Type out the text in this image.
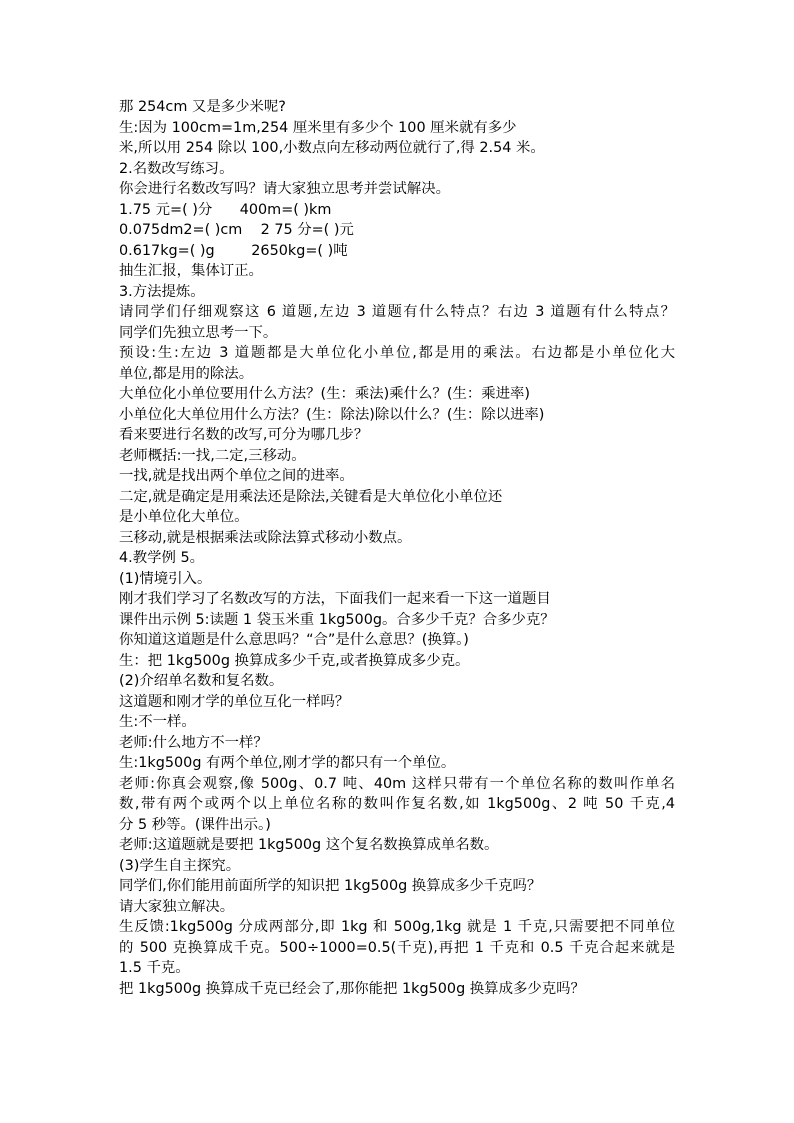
那 254cm 又是多少米呢?
生:因为 100cm=1m,254 厘米里有多少个 100 厘米就有多少
米,所以用 254 除以 100,小数点向左移动两位就行了,得 2.54 米。
2.名数改写练习。
你会进行名数改写吗？请大家独立思考并尝试解决。
1.75 元=( )分      400m=( )km
0.075dm2=( )cm    2 75 分=( )元
0.617kg=( )g        2650kg=( )吨
抽生汇报，集体订正。
3.方法提炼。
请同学们仔细观察这 6 道题,左边 3 道题有什么特点？右边 3 道题有什么特点？
同学们先独立思考一下。
预设:生:左边 3 道题都是大单位化小单位,都是用的乘法。右边都是小单位化大
单位,都是用的除法。
大单位化小单位要用什么方法？(生：乘法)乘什么？(生：乘进率)
小单位化大单位用什么方法？(生：除法)除以什么？(生：除以进率)
看来要进行名数的改写,可分为哪几步？
老师概括:一找,二定,三移动。
一找,就是找出两个单位之间的进率。
二定,就是确定是用乘法还是除法,关键看是大单位化小单位还
是小单位化大单位。
三移动,就是根据乘法或除法算式移动小数点。
4.教学例 5。
(1)情境引入。
刚才我们学习了名数改写的方法，下面我们一起来看一下这一道题目
课件出示例 5:读题 1 袋玉米重 1kg500g。合多少千克？合多少克？
你知道这道题是什么意思吗？“合”是什么意思？(换算。)
生：把 1kg500g 换算成多少千克,或者换算成多少克。
(2)介绍单名数和复名数。
这道题和刚才学的单位互化一样吗？
生:不一样。
老师:什么地方不一样？
生:1kg500g 有两个单位,刚才学的都只有一个单位。
老师:你真会观察,像 500g、0.7 吨、40m 这样只带有一个单位名称的数叫作单名
数,带有两个或两个以上单位名称的数叫作复名数,如 1kg500g、2 吨 50 千克,4
分 5 秒等。(课件出示。)
老师:这道题就是要把 1kg500g 这个复名数换算成单名数。
(3)学生自主探究。
同学们,你们能用前面所学的知识把 1kg500g 换算成多少千克吗？
请大家独立解决。
生反馈:1kg500g 分成两部分,即 1kg 和 500g,1kg 就是 1 千克,只需要把不同单位
的 500 克换算成千克。500÷1000=0.5(千克),再把 1 千克和 0.5 千克合起来就是
1.5 千克。
把 1kg500g 换算成千克已经会了,那你能把 1kg500g 换算成多少克吗？
